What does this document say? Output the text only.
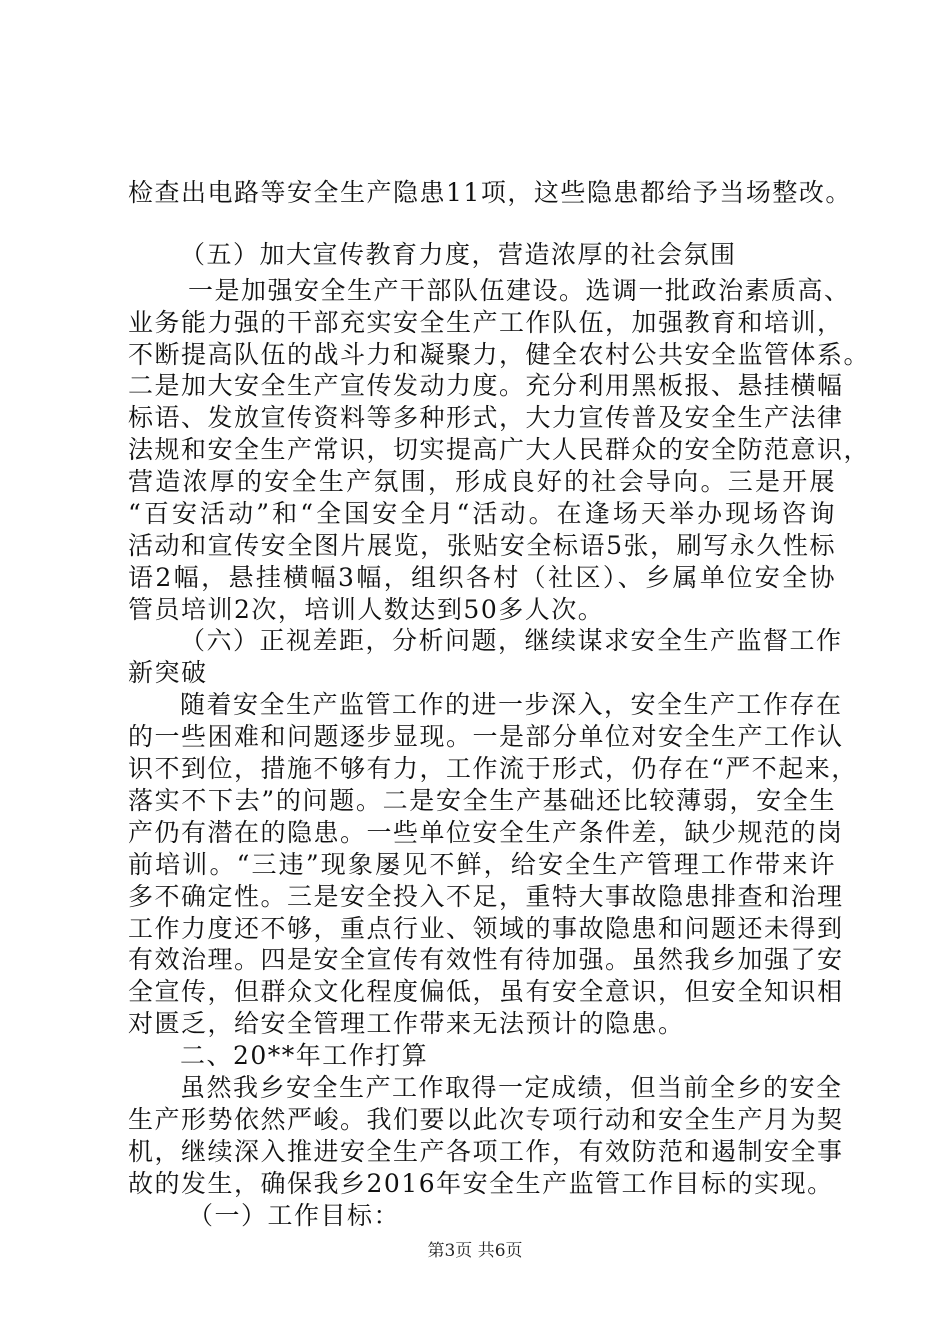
检查出电路等安全生产隐患11项，这些隐患都给予当场整改。
（五）加大宣传教育力度，营造浓厚的社会氛围
一是加强安全生产干部队伍建设。选调一批政治素质高、
业务能力强的干部充实安全生产工作队伍，加强教育和培训，
不断提高队伍的战斗力和凝聚力，健全农村公共安全监管体系。
二是加大安全生产宣传发动力度。充分利用黑板报、悬挂横幅
标语、发放宣传资料等多种形式，大力宣传普及安全生产法律
法规和安全生产常识，切实提高广大人民群众的安全防范意识，
营造浓厚的安全生产氛围，形成良好的社会导向。三是开展
“百安活动”和“全国安全月“活动。在逢场天举办现场咨询
活动和宣传安全图片展览，张贴安全标语5张，刷写永久性标
语2幅，悬挂横幅3幅，组织各村（社区）、乡属单位安全协
管员培训2次，培训人数达到50多人次。
（六）正视差距，分析问题，继续谋求安全生产监督工作
新突破
随着安全生产监管工作的进一步深入，安全生产工作存在
的一些困难和问题逐步显现。一是部分单位对安全生产工作认
识不到位，措施不够有力，工作流于形式，仍存在“严不起来，
落实不下去”的问题。二是安全生产基础还比较薄弱，安全生
产仍有潜在的隐患。一些单位安全生产条件差，缺少规范的岗
前培训。“三违”现象屡见不鲜，给安全生产管理工作带来许
多不确定性。三是安全投入不足，重特大事故隐患排查和治理
工作力度还不够，重点行业、领域的事故隐患和问题还未得到
有效治理。四是安全宣传有效性有待加强。虽然我乡加强了安
全宣传，但群众文化程度偏低，虽有安全意识，但安全知识相
对匮乏，给安全管理工作带来无法预计的隐患。
二、20**年工作打算
虽然我乡安全生产工作取得一定成绩，但当前全乡的安全
生产形势依然严峻。我们要以此次专项行动和安全生产月为契
机，继续深入推进安全生产各项工作，有效防范和遏制安全事
故的发生，确保我乡2016年安全生产监管工作目标的实现。
（一）工作目标：
第3页 共6页
